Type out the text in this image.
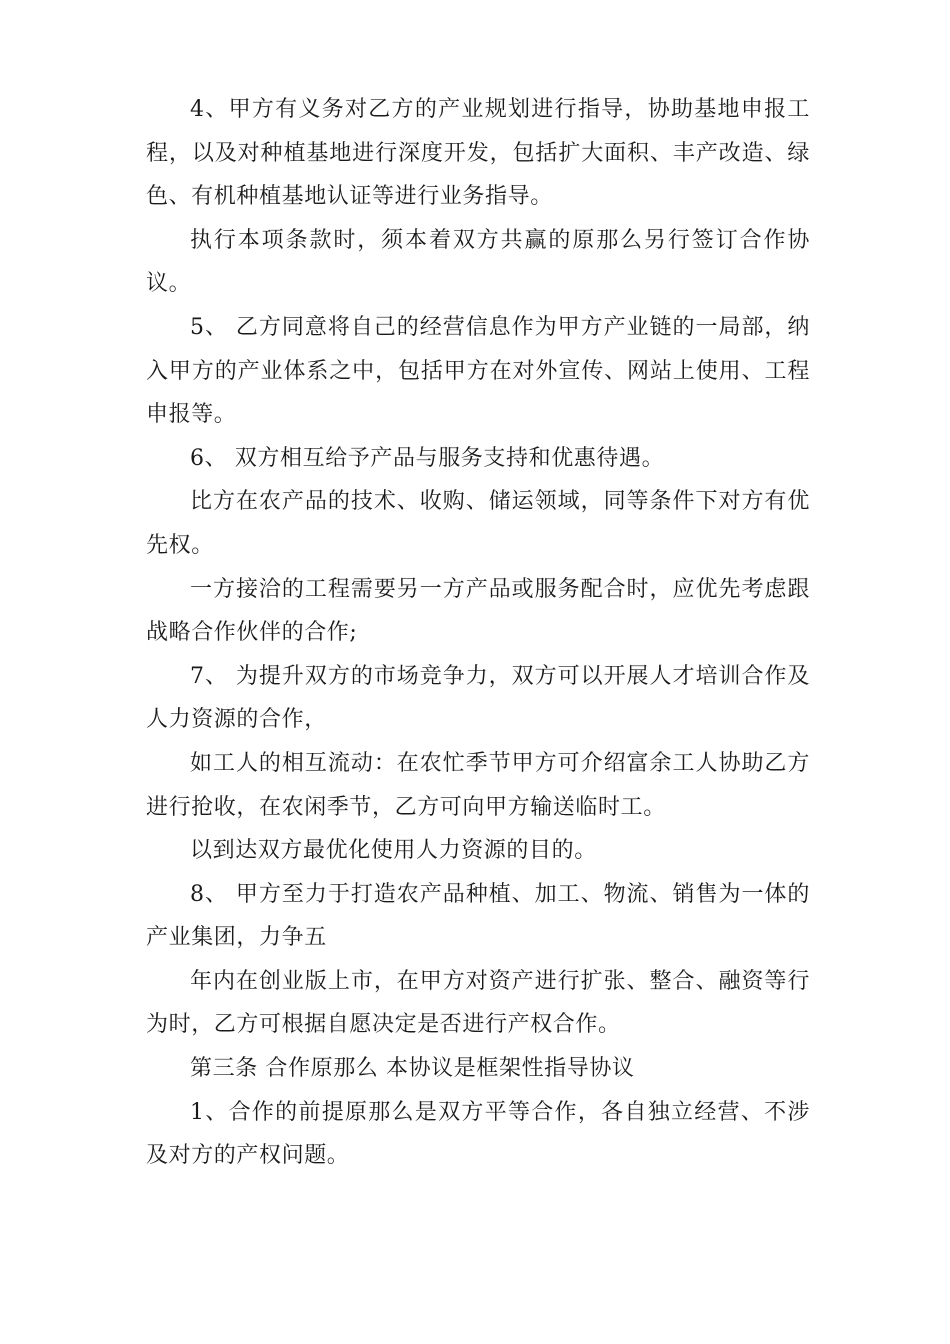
4、甲方有义务对乙方的产业规划进行指导，协助基地申报工程，以及对种植基地进行深度开发，包括扩大面积、丰产改造、绿色、有机种植基地认证等进行业务指导。

执行本项条款时，须本着双方共赢的原那么另行签订合作协议。

5、 乙方同意将自己的经营信息作为甲方产业链的一局部，纳入甲方的产业体系之中，包括甲方在对外宣传、网站上使用、工程申报等。

6、 双方相互给予产品与服务支持和优惠待遇。

比方在农产品的技术、收购、储运领域，同等条件下对方有优先权。

一方接洽的工程需要另一方产品或服务配合时，应优先考虑跟战略合作伙伴的合作;

7、 为提升双方的市场竞争力，双方可以开展人才培训合作及人力资源的合作，

如工人的相互流动：在农忙季节甲方可介绍富余工人协助乙方进行抢收，在农闲季节，乙方可向甲方输送临时工。

以到达双方最优化使用人力资源的目的。

8、 甲方至力于打造农产品种植、加工、物流、销售为一体的产业集团，力争五

年内在创业版上市，在甲方对资产进行扩张、整合、融资等行为时，乙方可根据自愿决定是否进行产权合作。

第三条 合作原那么 本协议是框架性指导协议

1、合作的前提原那么是双方平等合作，各自独立经营、不涉及对方的产权问题。
